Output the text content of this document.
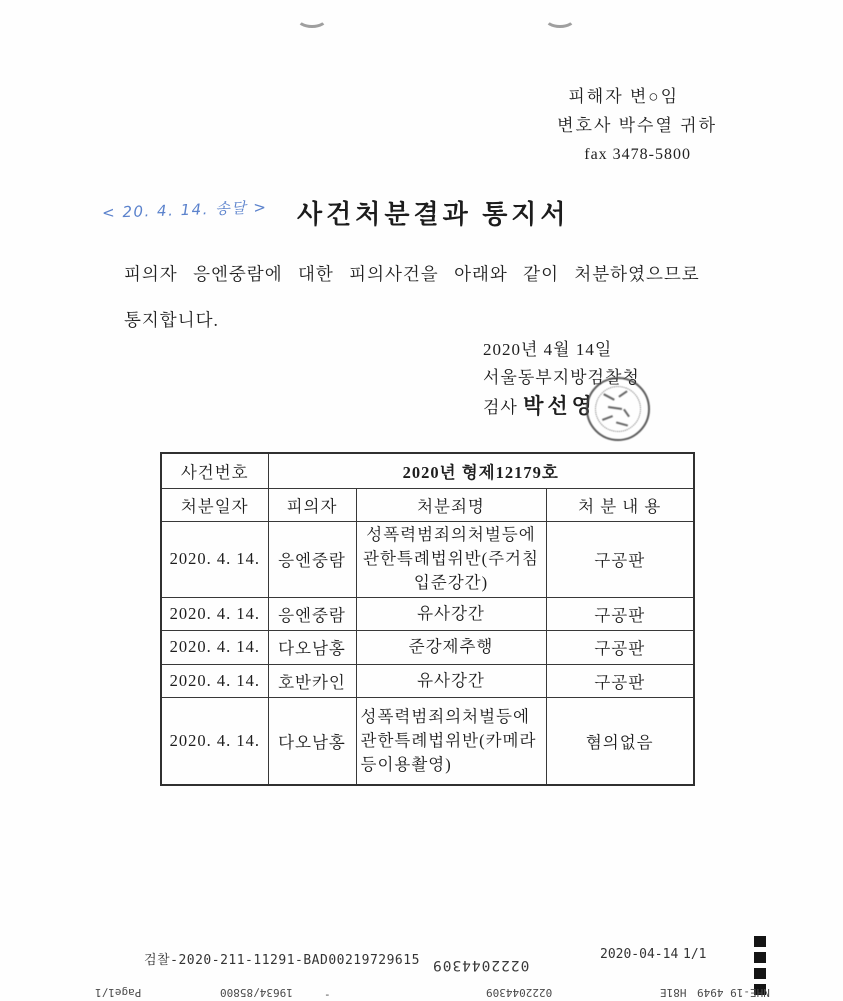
피해자 변○임
변호사 박수열 귀하
fax 3478-5800
< 20. 4. 14. 송달 > 사건처분결과 통지서
피의자 응엔중람에 대한 피의사건을 아래와 같이 처분하였으므로
통지합니다.
2020년 4월 14일
서울동부지방검찰청
검사 박선영
사건번호	2020년 형제12179호		
처분일자	피의자	처분죄명	처 분 내 용
2020. 4. 14.	응엔중람	성폭력범죄의처벌등에관한특례법위반(주거침입준강간)	구공판
2020. 4. 14.	응엔중람	유사강간	구공판
2020. 4. 14.	다오남홍	준강제추행	구공판
2020. 4. 14.	호반카인	유사강간	구공판
2020. 4. 14.	다오남홍	성폭력범죄의처벌등에관한특례법위반(카메라등이용촬영)	혐의없음
검찰-2020-211-11291-BAD00219729615 0222044309
2020-04-14 1/1
Page1/1	19634/85800	-	0222044309	H81E NHE-19 4949
